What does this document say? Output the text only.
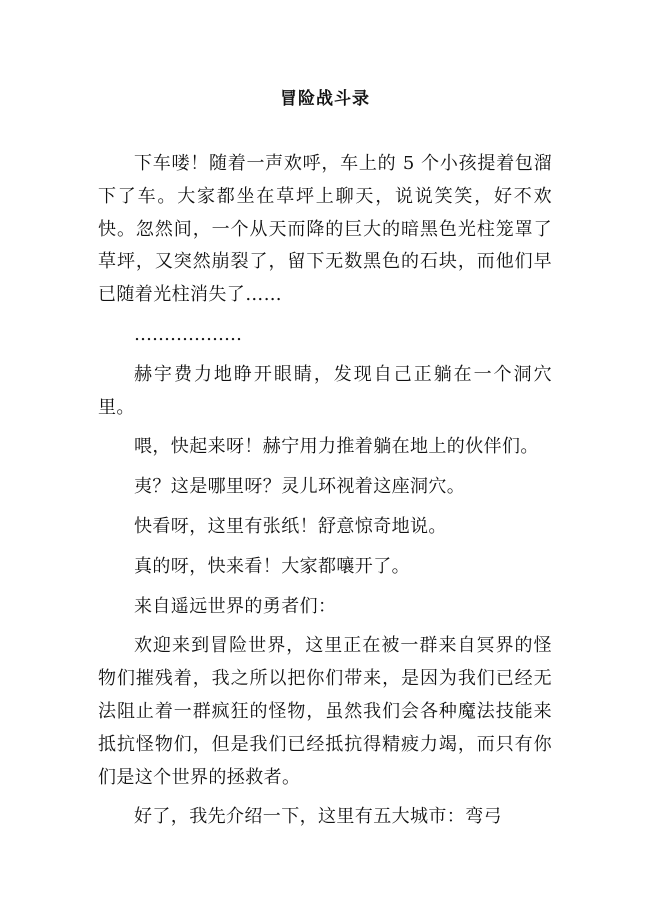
冒险战斗录

下车喽！随着一声欢呼，车上的 5 个小孩提着包溜下了车。大家都坐在草坪上聊天，说说笑笑，好不欢快。忽然间，一个从天而降的巨大的暗黑色光柱笼罩了草坪，又突然崩裂了，留下无数黑色的石块，而他们早已随着光柱消失了……

………………

赫宇费力地睁开眼睛，发现自己正躺在一个洞穴里。

喂，快起来呀！赫宁用力推着躺在地上的伙伴们。

夷？这是哪里呀？灵儿环视着这座洞穴。

快看呀，这里有张纸！舒意惊奇地说。

真的呀，快来看！大家都嚷开了。

来自遥远世界的勇者们：

欢迎来到冒险世界，这里正在被一群来自冥界的怪物们摧残着，我之所以把你们带来，是因为我们已经无法阻止着一群疯狂的怪物，虽然我们会各种魔法技能来抵抗怪物们，但是我们已经抵抗得精疲力竭，而只有你们是这个世界的拯救者。

好了，我先介绍一下，这里有五大城市：弯弓
